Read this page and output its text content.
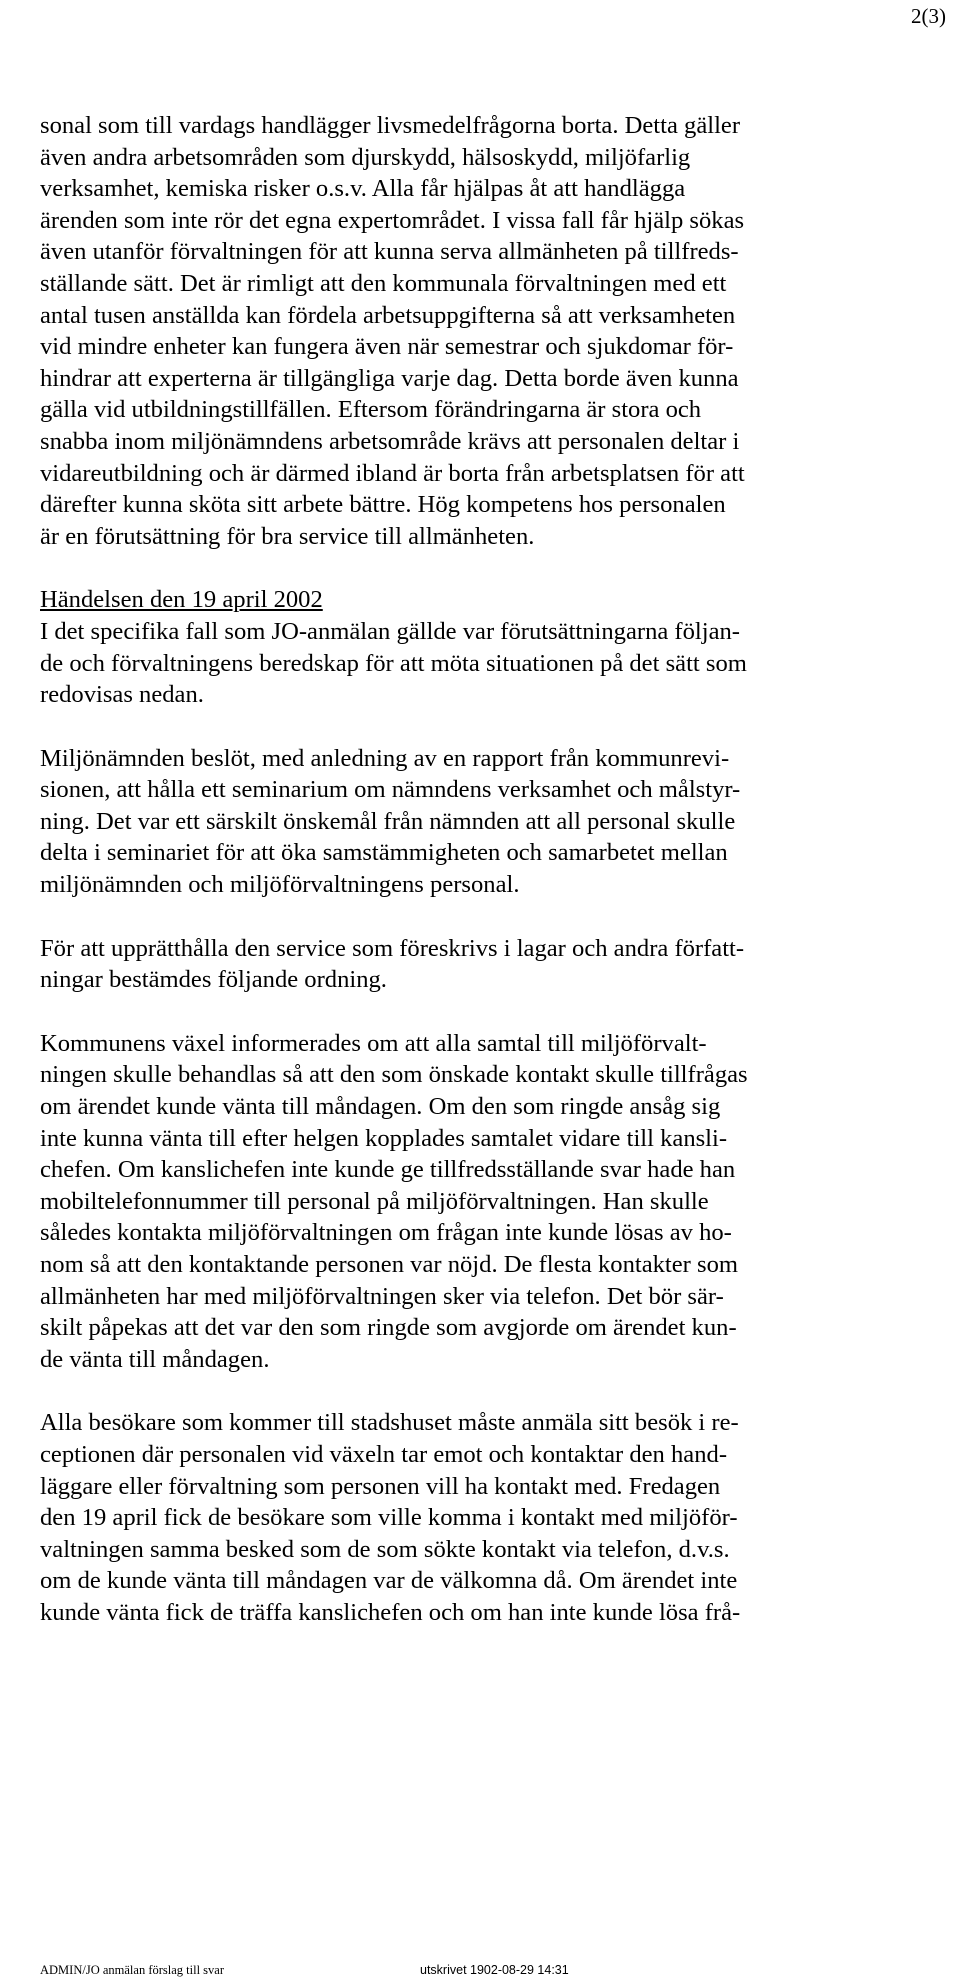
2(3)
sonal som till vardags handlägger livsmedelfrågorna borta. Detta gäller
även andra arbetsområden som djurskydd, hälsoskydd, miljöfarlig
verksamhet, kemiska risker o.s.v. Alla får hjälpas åt att handlägga
ärenden som inte rör det egna expertområdet. I vissa fall får hjälp sökas
även utanför förvaltningen för att kunna serva allmänheten på tillfreds-
ställande sätt. Det är rimligt att den kommunala förvaltningen med ett
antal tusen anställda kan fördela arbetsuppgifterna så att verksamheten
vid mindre enheter kan fungera även när semestrar och sjukdomar för-
hindrar att experterna är tillgängliga varje dag. Detta borde även kunna
gälla vid utbildningstillfällen. Eftersom förändringarna är stora och
snabba inom miljönämndens arbetsområde krävs att personalen deltar i
vidareutbildning och är därmed ibland är borta från arbetsplatsen för att
därefter kunna sköta sitt arbete bättre. Hög kompetens hos personalen
är en förutsättning för bra service till allmänheten.
Händelsen den 19 april 2002
I det specifika fall som JO-anmälan gällde var förutsättningarna följan-
de och förvaltningens beredskap för att möta situationen på det sätt som
redovisas nedan.
Miljönämnden beslöt, med anledning av en rapport från kommunrevi-
sionen, att hålla ett seminarium om nämndens verksamhet och målstyr-
ning. Det var ett särskilt önskemål från nämnden att all personal skulle
delta i seminariet för att öka samstämmigheten och samarbetet mellan
miljönämnden och miljöförvaltningens personal.
För att upprätthålla den service som föreskrivs i lagar och andra författ-
ningar bestämdes följande ordning.
Kommunens växel informerades om att alla samtal till miljöförvalt-
ningen skulle behandlas så att den som önskade kontakt skulle tillfrågas
om ärendet kunde vänta till måndagen. Om den som ringde ansåg sig
inte kunna vänta till efter helgen kopplades samtalet vidare till kansli-
chefen. Om kanslichefen inte kunde ge tillfredsställande svar hade han
mobiltelefonnummer till personal på miljöförvaltningen. Han skulle
således kontakta miljöförvaltningen om frågan inte kunde lösas av ho-
nom så att den kontaktande personen var nöjd. De flesta kontakter som
allmänheten har med miljöförvaltningen sker via telefon. Det bör sär-
skilt påpekas att det var den som ringde som avgjorde om ärendet kun-
de vänta till måndagen.
Alla besökare som kommer till stadshuset måste anmäla sitt besök i re-
ceptionen där personalen vid växeln tar emot och kontaktar den hand-
läggare eller förvaltning som personen vill ha kontakt med. Fredagen
den 19 april fick de besökare som ville komma i kontakt med miljöför-
valtningen samma besked som de som sökte kontakt via telefon, d.v.s.
om de kunde vänta till måndagen var de välkomna då. Om ärendet inte
kunde vänta fick de träffa kanslichefen och om han inte kunde lösa frå-
ADMIN/JO anmälan förslag till svar	utskrivet 1902-08-29 14:31
